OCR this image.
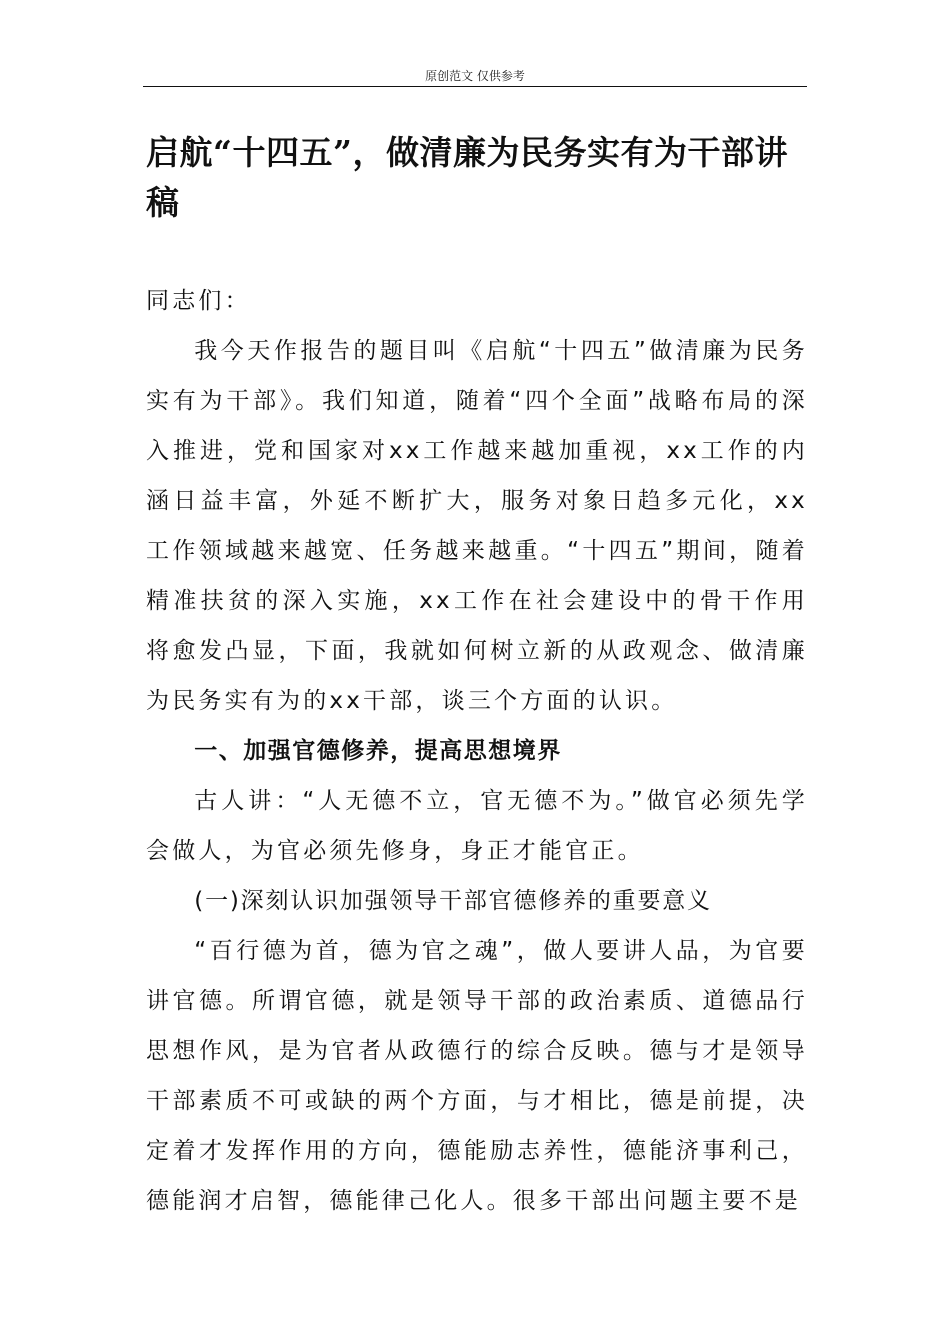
原创范文 仅供参考
启航“十四五”，做清廉为民务实有为干部讲稿

同志们：

我今天作报告的题目叫《启航“十四五”做清廉为民务实有为干部》。我们知道，随着“四个全面”战略布局的深入推进，党和国家对xx工作越来越加重视，xx工作的内涵日益丰富，外延不断扩大，服务对象日趋多元化，xx工作领域越来越宽、任务越来越重。“十四五”期间，随着精准扶贫的深入实施，xx工作在社会建设中的骨干作用将愈发凸显，下面，我就如何树立新的从政观念、做清廉为民务实有为的xx干部，谈三个方面的认识。

一、加强官德修养，提高思想境界

古人讲：“人无德不立，官无德不为。”做官必须先学会做人，为官必须先修身，身正才能官正。

(一)深刻认识加强领导干部官德修养的重要意义

“百行德为首，德为官之魂”，做人要讲人品，为官要讲官德。所谓官德，就是领导干部的政治素质、道德品行思想作风，是为官者从政德行的综合反映。德与才是领导干部素质不可或缺的两个方面，与才相比，德是前提，决定着才发挥作用的方向，德能励志养性，德能济事利己，德能润才启智，德能律己化人。很多干部出问题主要不是
